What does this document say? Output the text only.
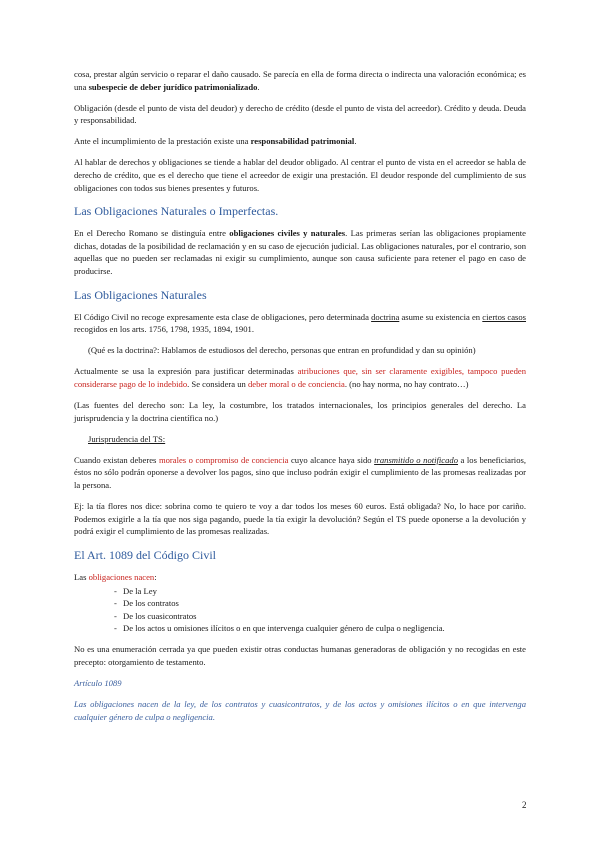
cosa, prestar algún servicio o reparar el daño causado. Se parecía en ella de forma directa o indirecta una valoración económica; es una subespecie de deber jurídico patrimonializado.

Obligación (desde el punto de vista del deudor) y derecho de crédito (desde el punto de vista del acreedor). Crédito y deuda. Deuda y responsabilidad.

Ante el incumplimiento de la prestación existe una responsabilidad patrimonial.

Al hablar de derechos y obligaciones se tiende a hablar del deudor obligado. Al centrar el punto de vista en el acreedor se habla de derecho de crédito, que es el derecho que tiene el acreedor de exigir una prestación. El deudor responde del cumplimiento de sus obligaciones con todos sus bienes presentes y futuros.

Las Obligaciones Naturales o Imperfectas.

En el Derecho Romano se distinguía entre obligaciones civiles y naturales. Las primeras serían las obligaciones propiamente dichas, dotadas de la posibilidad de reclamación y en su caso de ejecución judicial. Las obligaciones naturales, por el contrario, son aquellas que no pueden ser reclamadas ni exigir su cumplimiento, aunque son causa suficiente para retener el pago en caso de producirse.

Las Obligaciones Naturales

El Código Civil no recoge expresamente esta clase de obligaciones, pero determinada doctrina asume su existencia en ciertos casos recogidos en los arts. 1756, 1798, 1935, 1894, 1901.

(Qué es la doctrina?: Hablamos de estudiosos del derecho, personas que entran en profundidad y dan su opinión)

Actualmente se usa la expresión para justificar determinadas atribuciones que, sin ser claramente exigibles, tampoco pueden considerarse pago de lo indebido. Se considera un deber moral o de conciencia. (no hay norma, no hay contrato…)

(Las fuentes del derecho son: La ley, la costumbre, los tratados internacionales, los principios generales del derecho. La jurisprudencia y la doctrina científica no.)

Jurisprudencia del TS:

Cuando existan deberes morales o compromiso de conciencia cuyo alcance haya sido transmitido o notificado a los beneficiarios, éstos no sólo podrán oponerse a devolver los pagos, sino que incluso podrán exigir el cumplimiento de las promesas realizadas por la persona.

Ej: la tía flores nos dice: sobrina como te quiero te voy a dar todos los meses 60 euros. Está obligada? No, lo hace por cariño. Podemos exigirle a la tía que nos siga pagando, puede la tía exigir la devolución? Según el TS puede oponerse a la devolución y podrá exigir el cumplimiento de las promesas realizadas.

El Art. 1089 del Código Civil

Las obligaciones nacen:

- De la Ley
- De los contratos
- De los cuasicontratos
- De los actos u omisiones ilícitos o en que intervenga cualquier género de culpa o negligencia.

No es una enumeración cerrada ya que pueden existir otras conductas humanas generadoras de obligación y no recogidas en este precepto: otorgamiento de testamento.

Artículo 1089

Las obligaciones nacen de la ley, de los contratos y cuasicontratos, y de los actos y omisiones ilícitos o en que intervenga cualquier género de culpa o negligencia.

2
